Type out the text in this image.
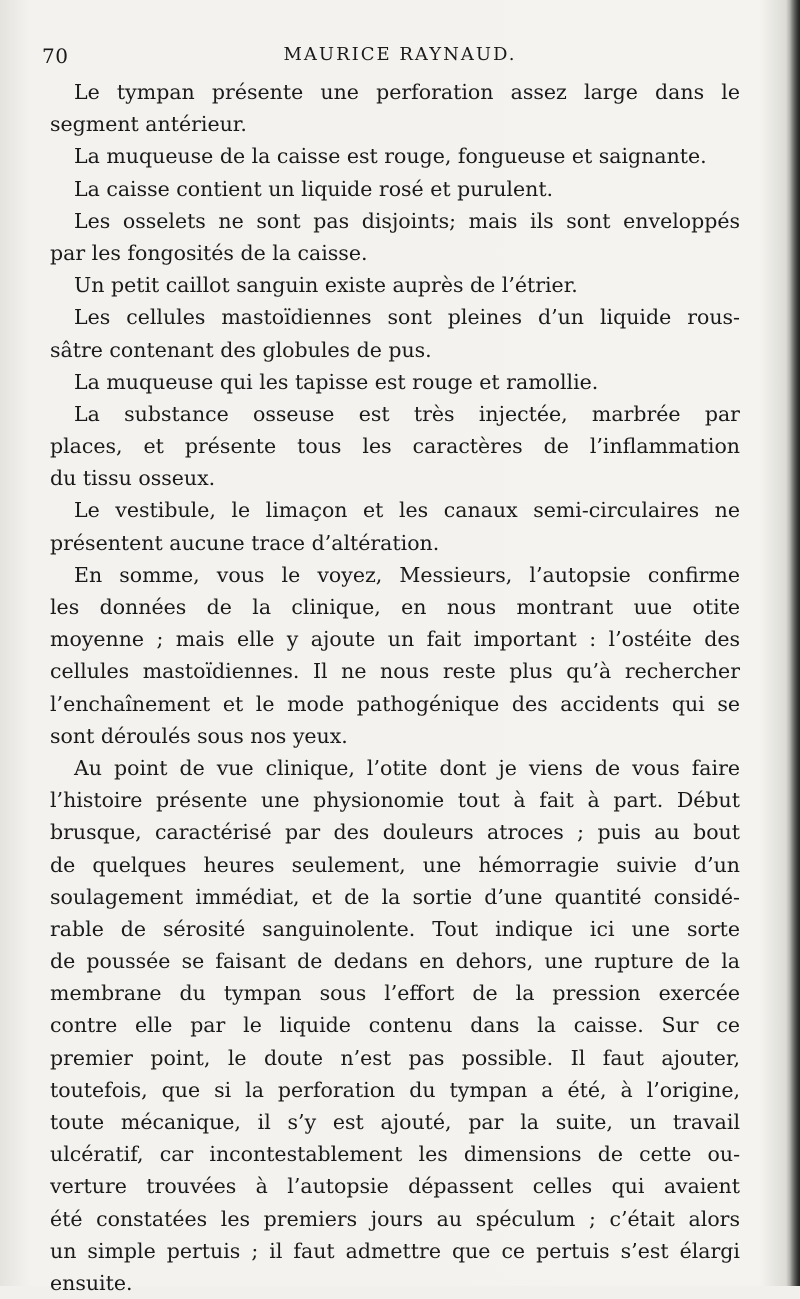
70	MAURICE RAYNAUD.
Le tympan présente une perforation assez large dans le
segment antérieur.
La muqueuse de la caisse est rouge, fongueuse et saignante.
La caisse contient un liquide rosé et purulent.
Les osselets ne sont pas disjoints; mais ils sont enveloppés
par les fongosités de la caisse.
Un petit caillot sanguin existe auprès de l’étrier.
Les cellules mastoïdiennes sont pleines d’un liquide rous-
sâtre contenant des globules de pus.
La muqueuse qui les tapisse est rouge et ramollie.
La substance osseuse est très injectée, marbrée par
places, et présente tous les caractères de l’inflammation
du tissu osseux.
Le vestibule, le limaçon et les canaux semi-circulaires ne
présentent aucune trace d’altération.
En somme, vous le voyez, Messieurs, l’autopsie confirme
les données de la clinique, en nous montrant uue otite
moyenne ; mais elle y ajoute un fait important : l’ostéite des
cellules mastoïdiennes. Il ne nous reste plus qu’à rechercher
l’enchaînement et le mode pathogénique des accidents qui se
sont déroulés sous nos yeux.
Au point de vue clinique, l’otite dont je viens de vous faire
l’histoire présente une physionomie tout à fait à part. Début
brusque, caractérisé par des douleurs atroces ; puis au bout
de quelques heures seulement, une hémorragie suivie d’un
soulagement immédiat, et de la sortie d’une quantité considé-
rable de sérosité sanguinolente. Tout indique ici une sorte
de poussée se faisant de dedans en dehors, une rupture de la
membrane du tympan sous l’effort de la pression exercée
contre elle par le liquide contenu dans la caisse. Sur ce
premier point, le doute n’est pas possible. Il faut ajouter,
toutefois, que si la perforation du tympan a été, à l’origine,
toute mécanique, il s’y est ajouté, par la suite, un travail
ulcératif, car incontestablement les dimensions de cette ou-
verture trouvées à l’autopsie dépassent celles qui avaient
été constatées les premiers jours au spéculum ; c’était alors
un simple pertuis ; il faut admettre que ce pertuis s’est élargi
ensuite.
